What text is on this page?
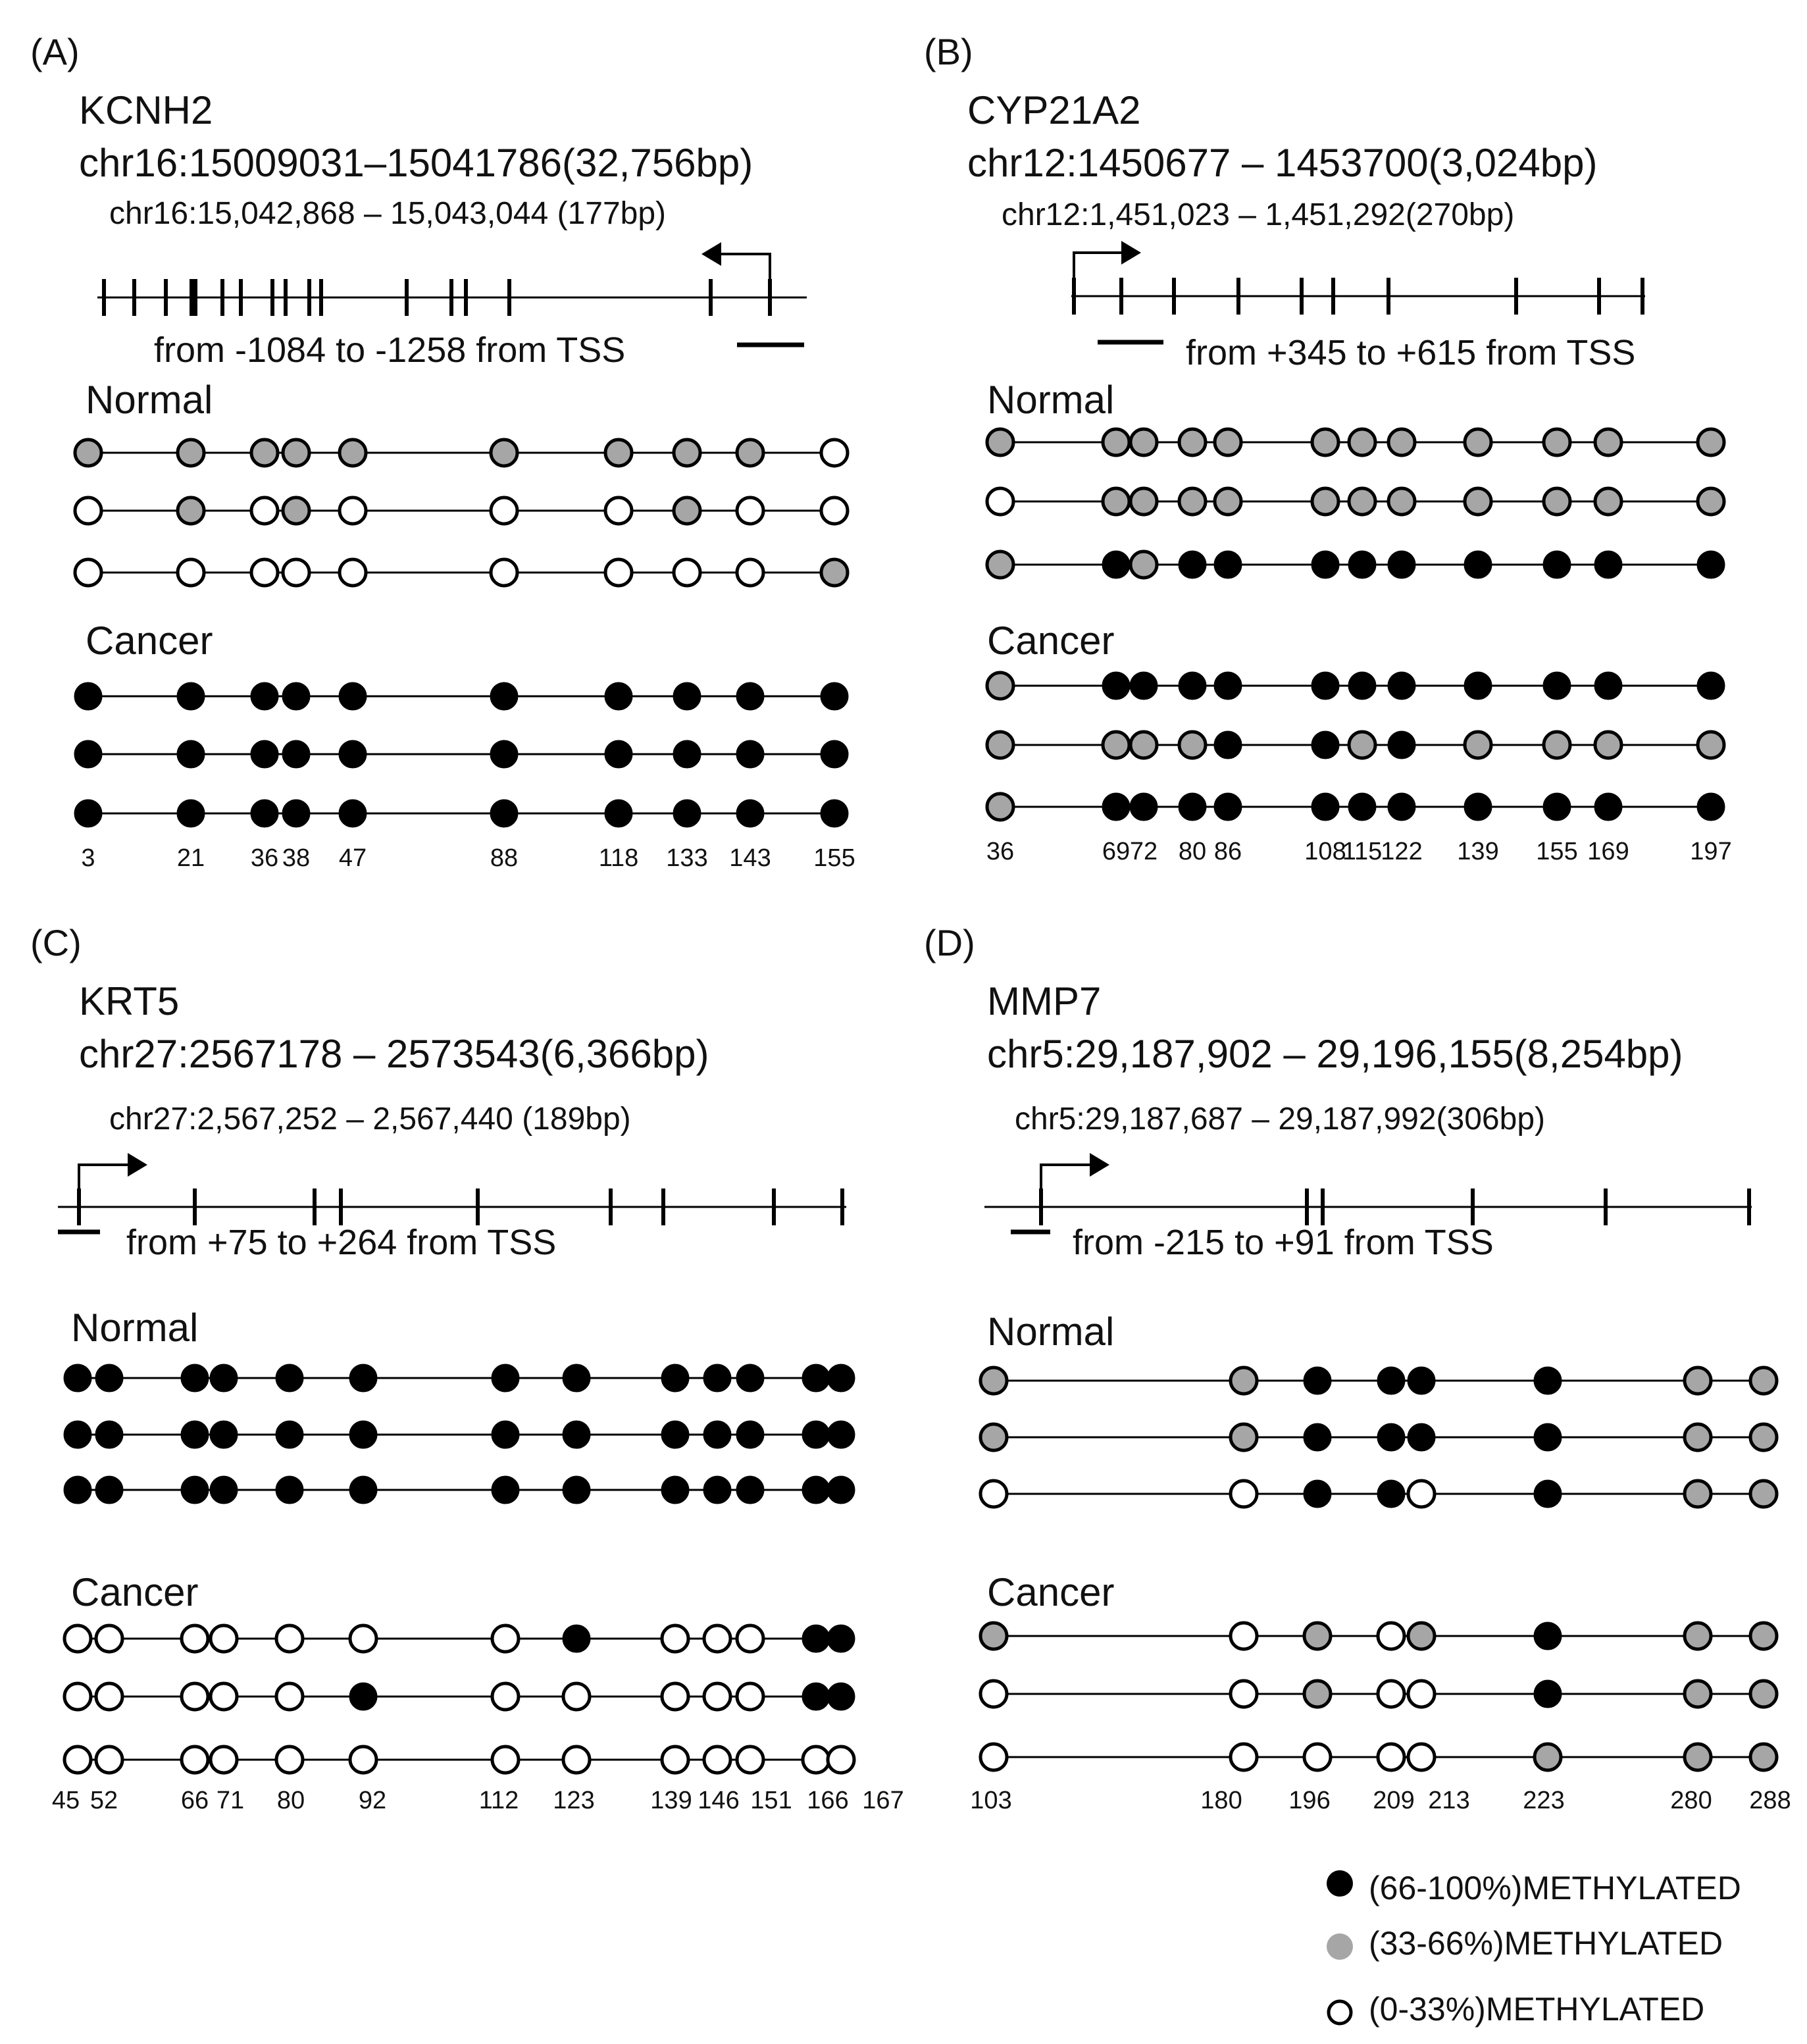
(A)
KCNH2
chr16:15009031–15041786(32,756bp)
chr16:15,042,868 – 15,043,044 (177bp)
from -1084 to -1258 from TSS
Normal
Cancer
3	21 36 38 47	88	118 133 143 155
(B)
CYP21A2
chr12:1450677 – 1453700(3,024bp)
chr12:1,451,023 – 1,451,292(270bp)
from +345 to +615 from TSS
Normal
Cancer
36	69 72 80 86	108
115
122 139 155 169 197
(C)
KRT5
chr27:2567178 – 2573543(6,366bp)
chr27:2,567,252 – 2,567,440 (189bp)
from +75 to +264 from TSS
Normal
Cancer
45 52	66 71 80 92	112 123 139 146 151 166 167
(D)
MMP7
chr5:29,187,902 – 29,196,155(8,254bp)
chr5:29,187,687 – 29,187,992(306bp)
from -215 to +91 from TSS
Normal
Cancer
103	180 196 209 213 223	280 288
(66-100%)METHYLATED
(33-66%)METHYLATED
(0-33%)METHYLATED
